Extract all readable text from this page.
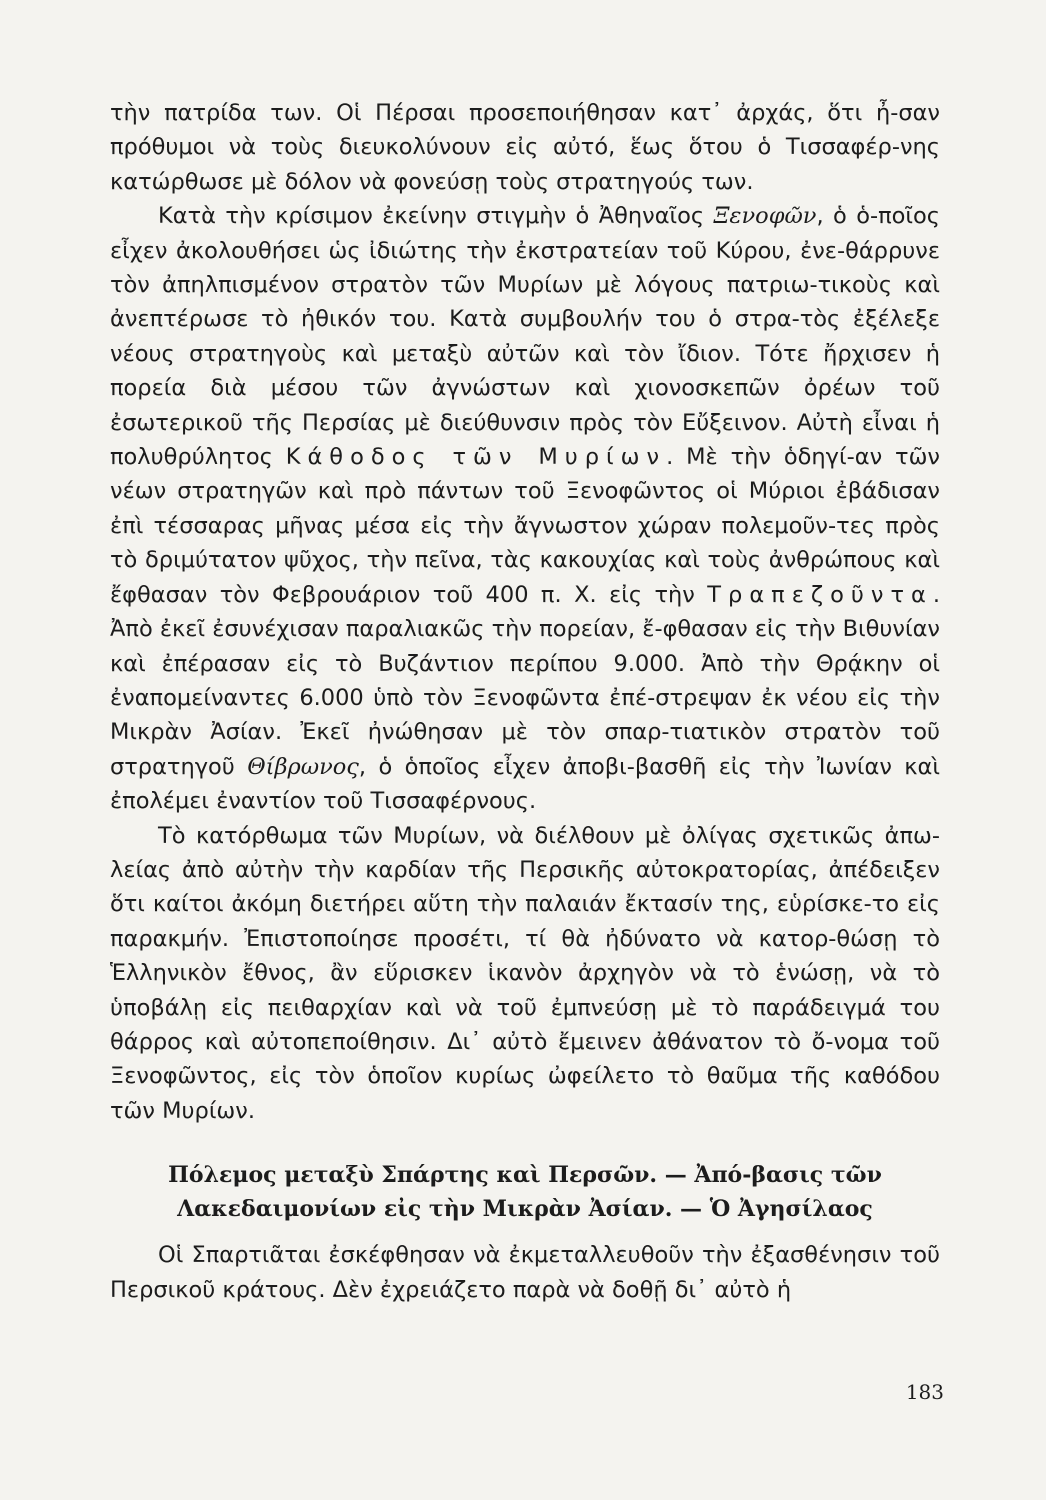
τὴν πατρίδα των. Οἱ Πέρσαι προσεποιήθησαν κατ᾽ ἀρχάς, ὅτι ἦ-σαν πρόθυμοι νὰ τοὺς διευκολύνουν εἰς αὐτό, ἕως ὅτου ὁ Τισσαφέρ-νης κατώρθωσε μὲ δόλον νὰ φονεύσῃ τοὺς στρατηγούς των.

Κατὰ τὴν κρίσιμον ἐκείνην στιγμὴν ὁ Ἀθηναῖος Ξενοφῶν, ὁ ὁ-ποῖος εἶχεν ἀκολουθήσει ὡς ἰδιώτης τὴν ἐκστρατείαν τοῦ Κύρου, ἐνε-θάρρυνε τὸν ἀπηλπισμένον στρατὸν τῶν Μυρίων μὲ λόγους πατριω-τικοὺς καὶ ἀνεπτέρωσε τὸ ἠθικόν του. Κατὰ συμβουλήν του ὁ στρα-τὸς ἐξέλεξε νέους στρατηγοὺς καὶ μεταξὺ αὐτῶν καὶ τὸν ἴδιον. Τότε ἤρχισεν ἡ πορεία διὰ μέσου τῶν ἀγνώστων καὶ χιονοσκεπῶν ὀρέων τοῦ ἐσωτερικοῦ τῆς Περσίας μὲ διεύθυνσιν πρὸς τὸν Εὔξεινον. Αὐτὴ εἶναι ἡ πολυθρύλητος Κάθοδος τῶν Μυρίων. Μὲ τὴν ὁδηγί-αν τῶν νέων στρατηγῶν καὶ πρὸ πάντων τοῦ Ξενοφῶντος οἱ Μύριοι ἐβάδισαν ἐπὶ τέσσαρας μῆνας μέσα εἰς τὴν ἄγνωστον χώραν πολεμοῦν-τες πρὸς τὸ δριμύτατον ψῦχος, τὴν πεῖνα, τὰς κακουχίας καὶ τοὺς ἀνθρώπους καὶ ἔφθασαν τὸν Φεβρουάριον τοῦ 400 π. Χ. εἰς τὴν Τραπεζοῦντα. Ἀπὸ ἐκεῖ ἐσυνέχισαν παραλιακῶς τὴν πορείαν, ἔ-φθασαν εἰς τὴν Βιθυνίαν καὶ ἐπέρασαν εἰς τὸ Βυζάντιον περίπου 9.000. Ἀπὸ τὴν Θρᾴκην οἱ ἐναπομείναντες 6.000 ὑπὸ τὸν Ξενοφῶντα ἐπέ-στρεψαν ἐκ νέου εἰς τὴν Μικρὰν Ἀσίαν. Ἐκεῖ ἠνώθησαν μὲ τὸν σπαρ-τιατικὸν στρατὸν τοῦ στρατηγοῦ Θίβρωνος, ὁ ὁποῖος εἶχεν ἀποβι-βασθῆ εἰς τὴν Ἰωνίαν καὶ ἐπολέμει ἐναντίον τοῦ Τισσαφέρνους.

Τὸ κατόρθωμα τῶν Μυρίων, νὰ διέλθουν μὲ ὀλίγας σχετικῶς ἀπω-λείας ἀπὸ αὐτὴν τὴν καρδίαν τῆς Περσικῆς αὐτοκρατορίας, ἀπέδειξεν ὅτι καίτοι ἀκόμη διετήρει αὕτη τὴν παλαιάν ἔκτασίν της, εὑρίσκε-το εἰς παρακμήν. Ἐπιστοποίησε προσέτι, τί θὰ ἠδύνατο νὰ κατορ-θώσῃ τὸ Ἑλληνικὸν ἔθνος, ἂν εὕρισκεν ἱκανὸν ἀρχηγὸν νὰ τὸ ἑνώσῃ, νὰ τὸ ὑποβάλῃ εἰς πειθαρχίαν καὶ νὰ τοῦ ἐμπνεύσῃ μὲ τὸ παράδειγμά του θάρρος καὶ αὐτοπεποίθησιν. Δι᾽ αὐτὸ ἔμεινεν ἀθάνατον τὸ ὄ-νομα τοῦ Ξενοφῶντος, εἰς τὸν ὁποῖον κυρίως ὠφείλετο τὸ θαῦμα τῆς καθόδου τῶν Μυρίων.

Πόλεμος μεταξὺ Σπάρτης καὶ Περσῶν. — Ἀπό-βασις τῶν Λακεδαιμονίων εἰς τὴν Μικρὰν Ἀσίαν. — Ὁ Ἀγησίλαος

Οἱ Σπαρτιᾶται ἐσκέφθησαν νὰ ἐκμεταλλευθοῦν τὴν ἐξασθένησιν τοῦ Περσικοῦ κράτους. Δὲν ἐχρειάζετο παρὰ νὰ δοθῇ δι᾽ αὐτὸ ἡ

183
